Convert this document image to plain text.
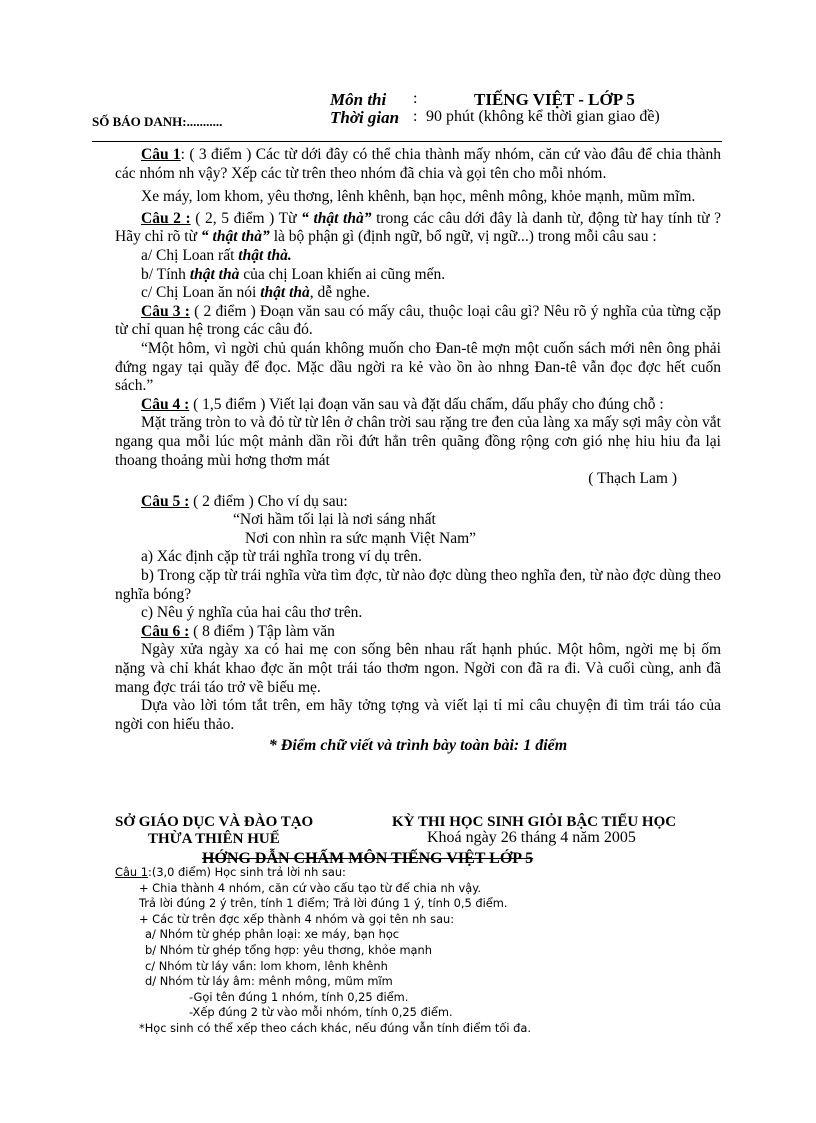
Môn thi :	TIẾNG VIỆT - LỚP 5
SỐ BÁO DANH:...........	Thời gian : 90 phút (không kể thời gian giao đề)

Câu 1: ( 3 điểm ) Các từ dới đây có thể chia thành mấy nhóm, căn cứ vào đâu để chia thành các nhóm nh vậy? Xếp các từ trên theo nhóm đã chia và gọi tên cho mỗi nhóm.

Xe máy, lom khom, yêu thơng, lênh khênh, bạn học, mênh mông, khỏe mạnh, mũm mĩm.

Câu 2 : ( 2, 5 điểm ) Từ “ thật thà” trong các câu dới đây là danh từ, động từ hay tính từ ? Hãy chỉ rõ từ “ thật thà” là bộ phận gì (định ngữ, bổ ngữ, vị ngữ...) trong mỗi câu sau :

a/ Chị Loan rất thật thà.

b/ Tính thật thà của chị Loan khiến ai cũng mến.

c/ Chị Loan ăn nói thật thà, dễ nghe.

Câu 3 : ( 2 điểm ) Đoạn văn sau có mấy câu, thuộc loại câu gì? Nêu rõ ý nghĩa của từng cặp từ chỉ quan hệ trong các câu đó.

“Một hôm, vì ngời chủ quán không muốn cho Đan-tê mợn một cuốn sách mới nên ông phải đứng ngay tại quầy để đọc. Mặc dầu ngời ra kẻ vào ồn ào nhng Đan-tê vẫn đọc đợc hết cuốn sách.”

Câu 4 : ( 1,5 điểm ) Viết lại đoạn văn sau và đặt dấu chấm, dấu phẩy cho đúng chỗ :

Mặt trăng tròn to và đỏ từ từ lên ở chân trời sau rặng tre đen của làng xa mấy sợi mây còn vắt ngang qua mỗi lúc một mảnh dần rồi đứt hẳn trên quãng đồng rộng cơn gió nhẹ hiu hiu đa lại thoang thoảng mùi hơng thơm mát

( Thạch Lam )

Câu 5 : ( 2 điểm ) Cho ví dụ sau:

“Nơi hầm tối lại là nơi sáng nhất

Nơi con nhìn ra sức mạnh Việt Nam”

a) Xác định cặp từ trái nghĩa trong ví dụ trên.

b) Trong cặp từ trái nghĩa vừa tìm đợc, từ nào đợc dùng theo nghĩa đen, từ nào đợc dùng theo nghĩa bóng?

c) Nêu ý nghĩa của hai câu thơ trên.

Câu 6 : ( 8 điểm ) Tập làm văn

Ngày xửa ngày xa có hai mẹ con sống bên nhau rất hạnh phúc. Một hôm, ngời mẹ bị ốm nặng và chỉ khát khao đợc ăn một trái táo thơm ngon. Ngời con đã ra đi. Và cuối cùng, anh đã mang đợc trái táo trở về biếu mẹ.

Dựa vào lời tóm tắt trên, em hãy tởng tợng và viết lại tỉ mỉ câu chuyện đi tìm trái táo của ngời con hiếu thảo.

* Điểm chữ viết và trình bày toàn bài: 1 điểm

SỞ GIÁO DỤC VÀ ĐÀO TẠO	KỲ THI HỌC SINH GIỎI BẬC TIỂU HỌC
THỪA THIÊN HUẾ	Khoá ngày 26 tháng 4 năm 2005
HỚNG DẪN CHẤM MÔN TIẾNG VIỆT LỚP 5
Câu 1:(3,0 điểm) Học sinh trả lời nh sau:
+ Chia thành 4 nhóm, căn cứ vào cấu tạo từ để chia nh vậy.
Trả lời đúng 2 ý trên, tính 1 điểm; Trả lời đúng 1 ý, tính 0,5 điểm.
+ Các từ trên đợc xếp thành 4 nhóm và gọi tên nh sau:
a/ Nhóm từ ghép phân loại: xe máy, bạn học
b/ Nhóm từ ghép tổng hợp: yêu thơng, khỏe mạnh
c/ Nhóm từ láy vần: lom khom, lênh khênh
d/ Nhóm từ láy âm: mênh mông, mũm mĩm
-Gọi tên đúng 1 nhóm, tính 0,25 điểm.
-Xếp đúng 2 từ vào mỗi nhóm, tính 0,25 điểm.
*Học sinh có thể xếp theo cách khác, nếu đúng vẫn tính điểm tối đa.
